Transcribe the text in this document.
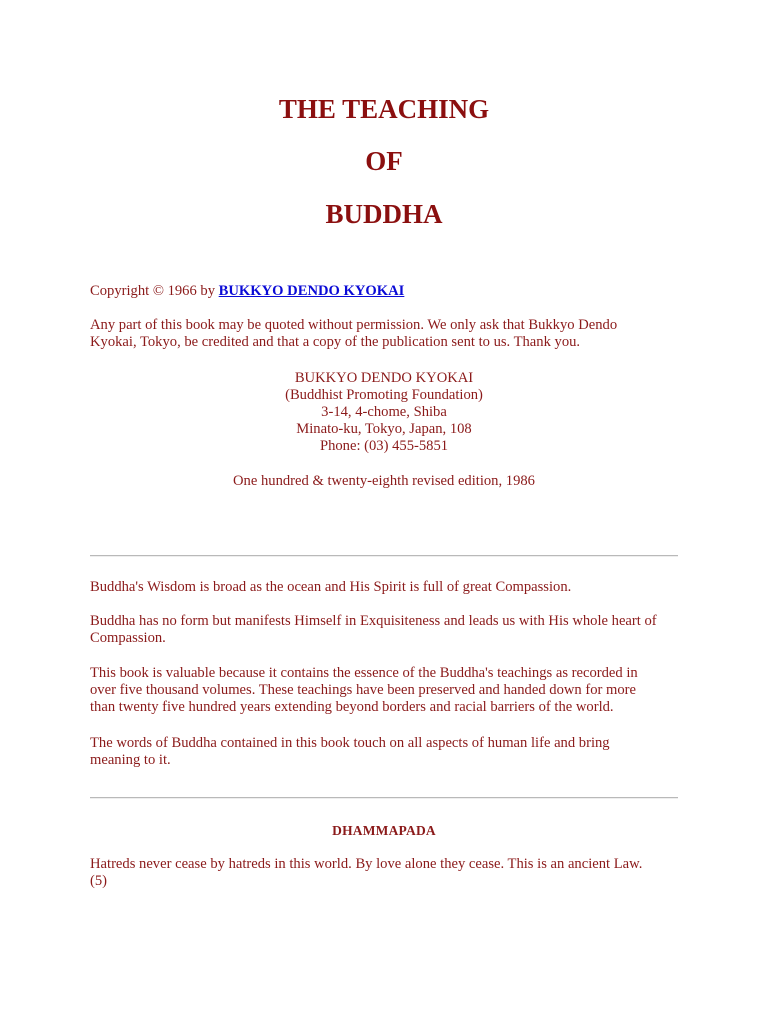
THE TEACHING
OF
BUDDHA

Copyright © 1966 by BUKKYO DENDO KYOKAI

Any part of this book may be quoted without permission. We only ask that Bukkyo Dendo
Kyokai, Tokyo, be credited and that a copy of the publication sent to us. Thank you.

BUKKYO DENDO KYOKAI
(Buddhist Promoting Foundation)
3-14, 4-chome, Shiba
Minato-ku, Tokyo, Japan, 108
Phone: (03) 455-5851

One hundred & twenty-eighth revised edition, 1986

Buddha's Wisdom is broad as the ocean and His Spirit is full of great Compassion.

Buddha has no form but manifests Himself in Exquisiteness and leads us with His whole heart of
Compassion.

This book is valuable because it contains the essence of the Buddha's teachings as recorded in
over five thousand volumes. These teachings have been preserved and handed down for more
than twenty five hundred years extending beyond borders and racial barriers of the world.

The words of Buddha contained in this book touch on all aspects of human life and bring
meaning to it.

DHAMMAPADA

Hatreds never cease by hatreds in this world. By love alone they cease. This is an ancient Law.
(5)
